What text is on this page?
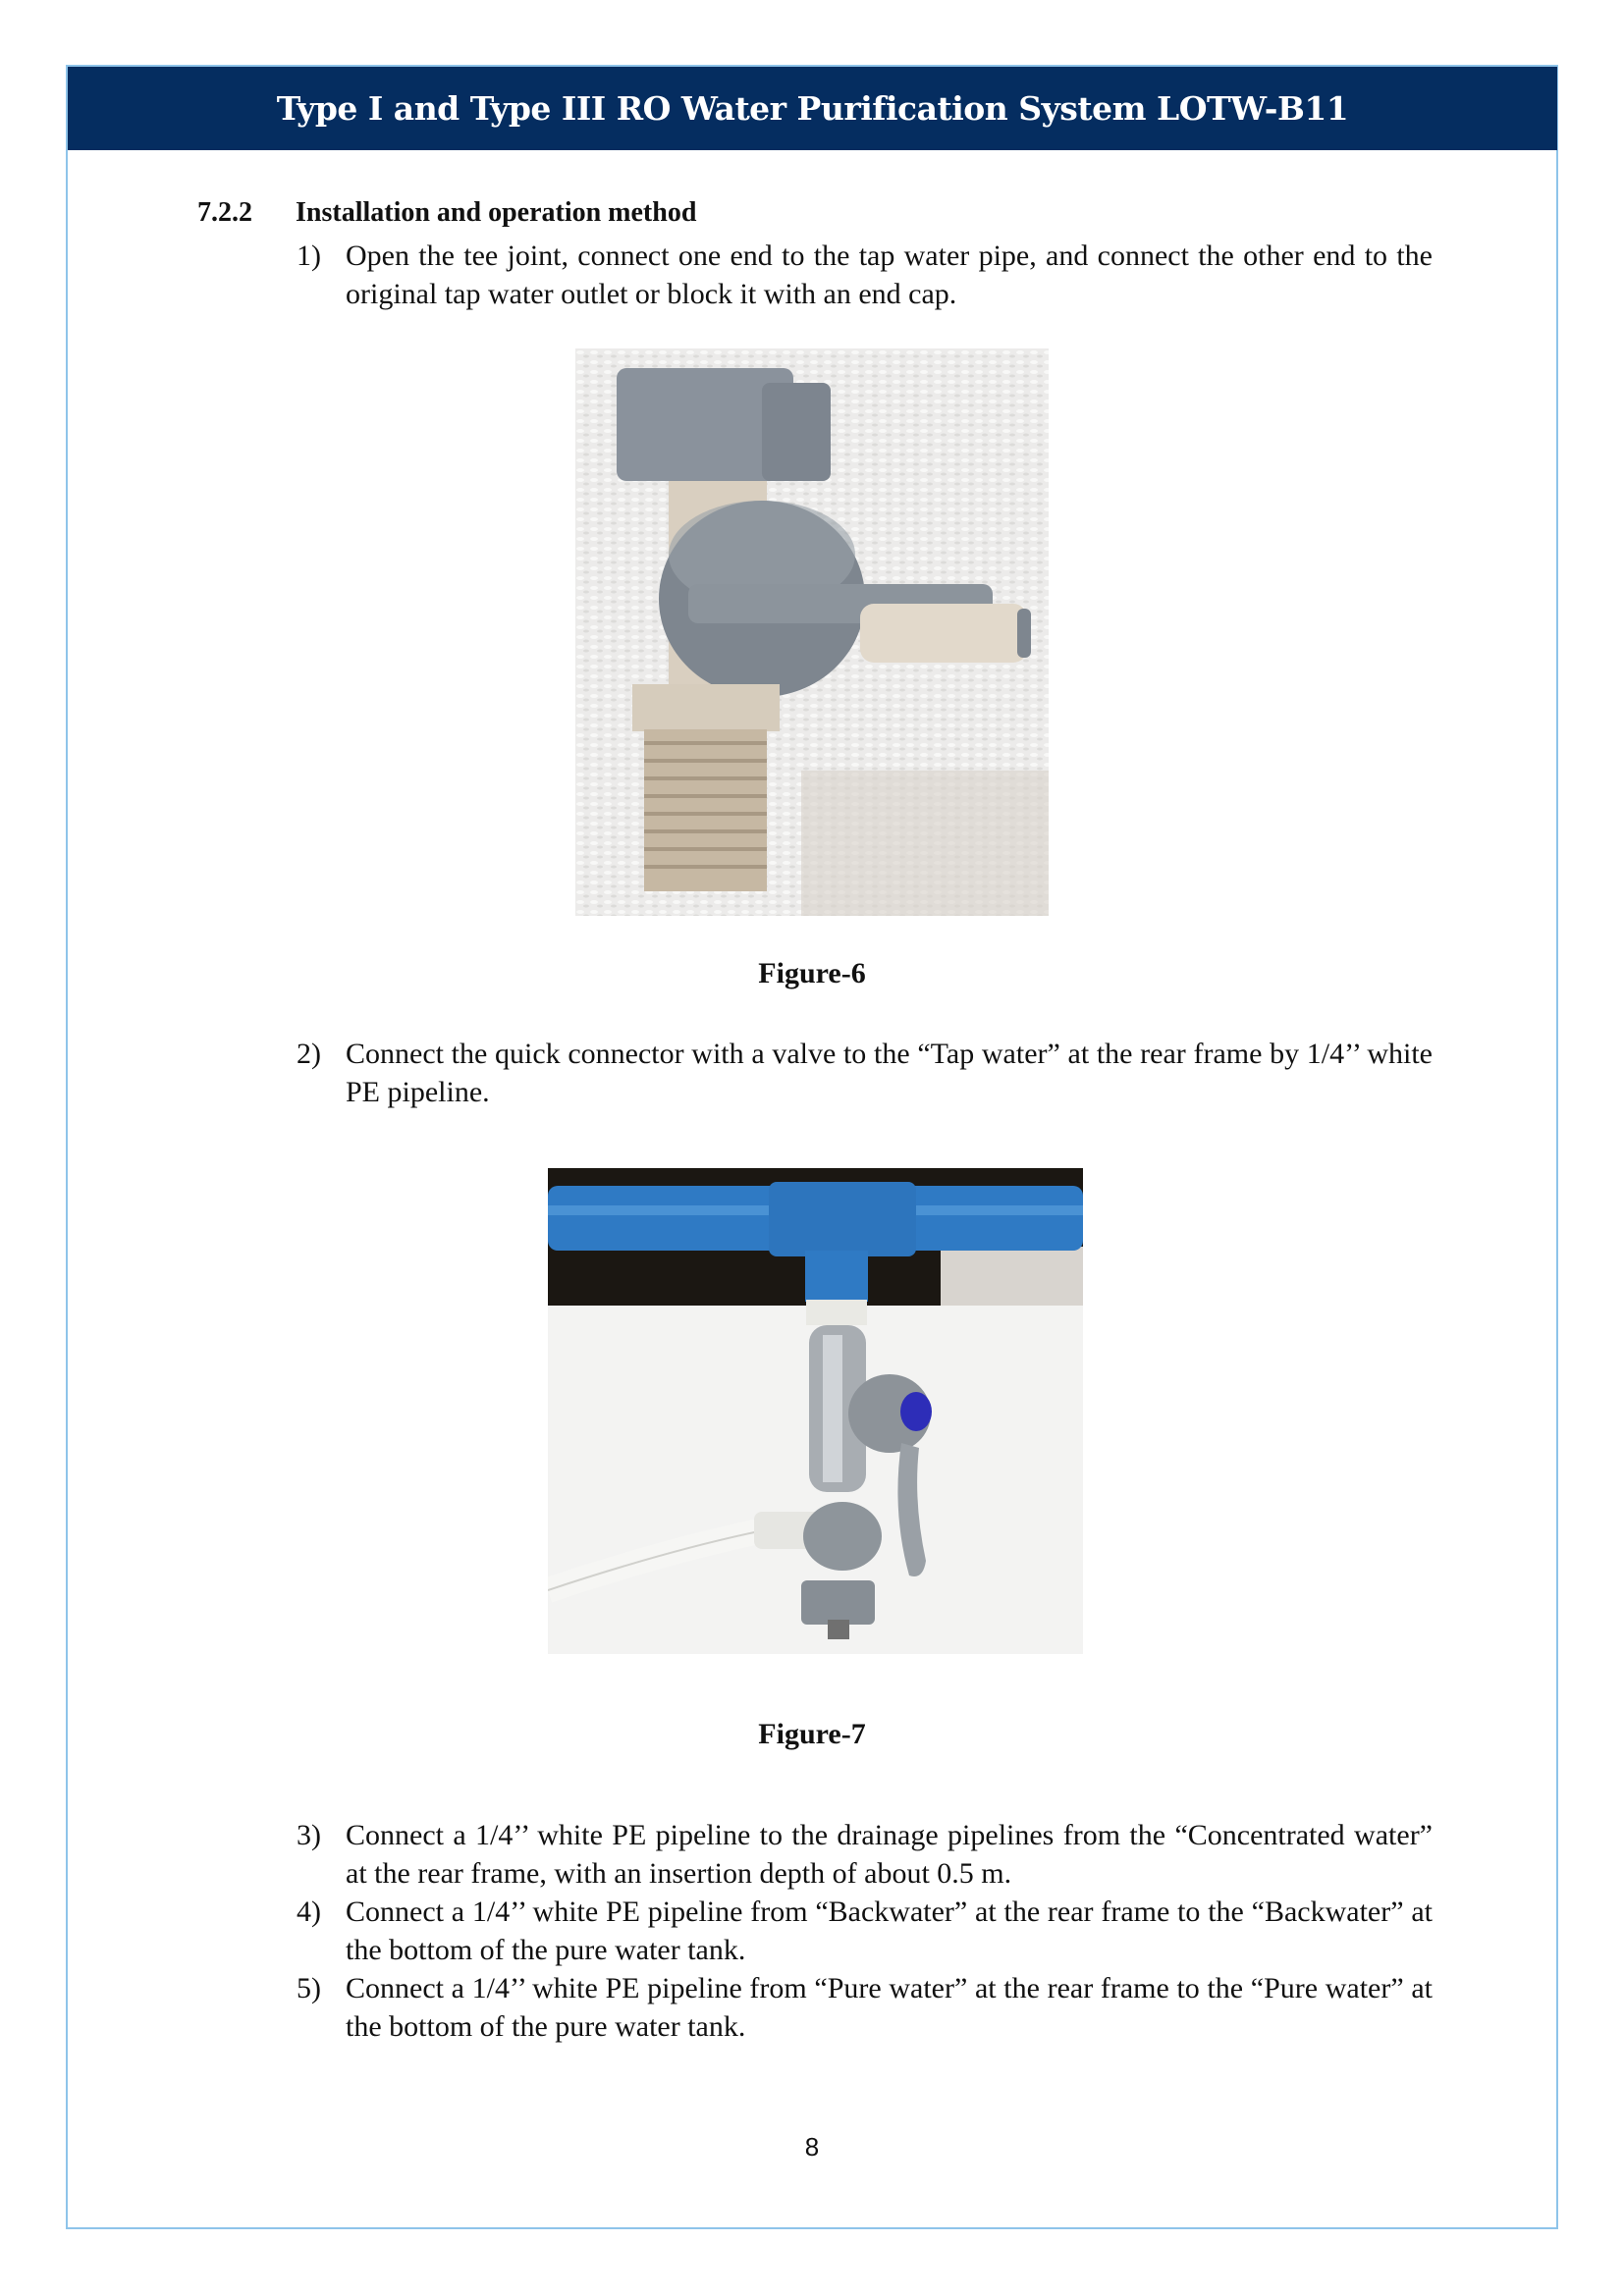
Type I and Type III RO Water Purification System LOTW-B11
7.2.2 Installation and operation method
1) Open the tee joint, connect one end to the tap water pipe, and connect the other end to the original tap water outlet or block it with an end cap.
Figure-6
2) Connect the quick connector with a valve to the “Tap water” at the rear frame by 1/4’’ white PE pipeline.
Figure-7
3) Connect a 1/4’’ white PE pipeline to the drainage pipelines from the “Concentrated water” at the rear frame, with an insertion depth of about 0.5 m.
4) Connect a 1/4’’ white PE pipeline from “Backwater” at the rear frame to the “Backwater” at the bottom of the pure water tank.
5) Connect a 1/4’’ white PE pipeline from “Pure water” at the rear frame to the “Pure water” at the bottom of the pure water tank.
8
